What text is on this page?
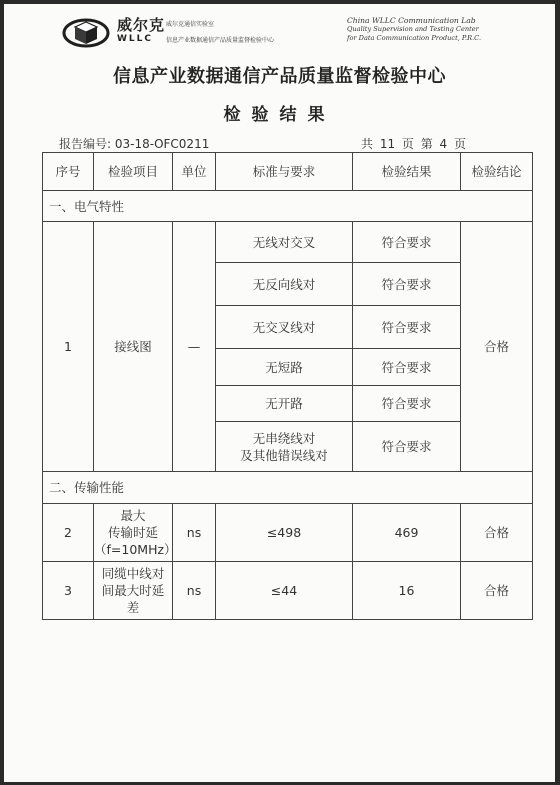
威尔克
WLLC
威尔克通信实验室
信息产业数据通信产品质量监督检验中心
China WLLC Communication Lab
Quality Supervision and Testing Center
for Data Communication Product, P.R.C.
信息产业数据通信产品质量监督检验中心
检验结果
报告编号: 03-18-OFC0211	共 11 页 第 4 页
序号	检验项目	单位	标准与要求	检验结果	检验结论
一、电气特性					
1	接线图	—	无线对交叉	符合要求	合格
			无反向线对	符合要求	
			无交叉线对	符合要求	
			无短路	符合要求	
			无开路	符合要求	

			无串绕线对
及其他错误线对	符合要求	
二、传输性能					
2	最大
传输时延
（f=10MHz）	ns	≤498	469	合格
3	同缆中线对
间最大时延
差	ns	≤44	16	合格
